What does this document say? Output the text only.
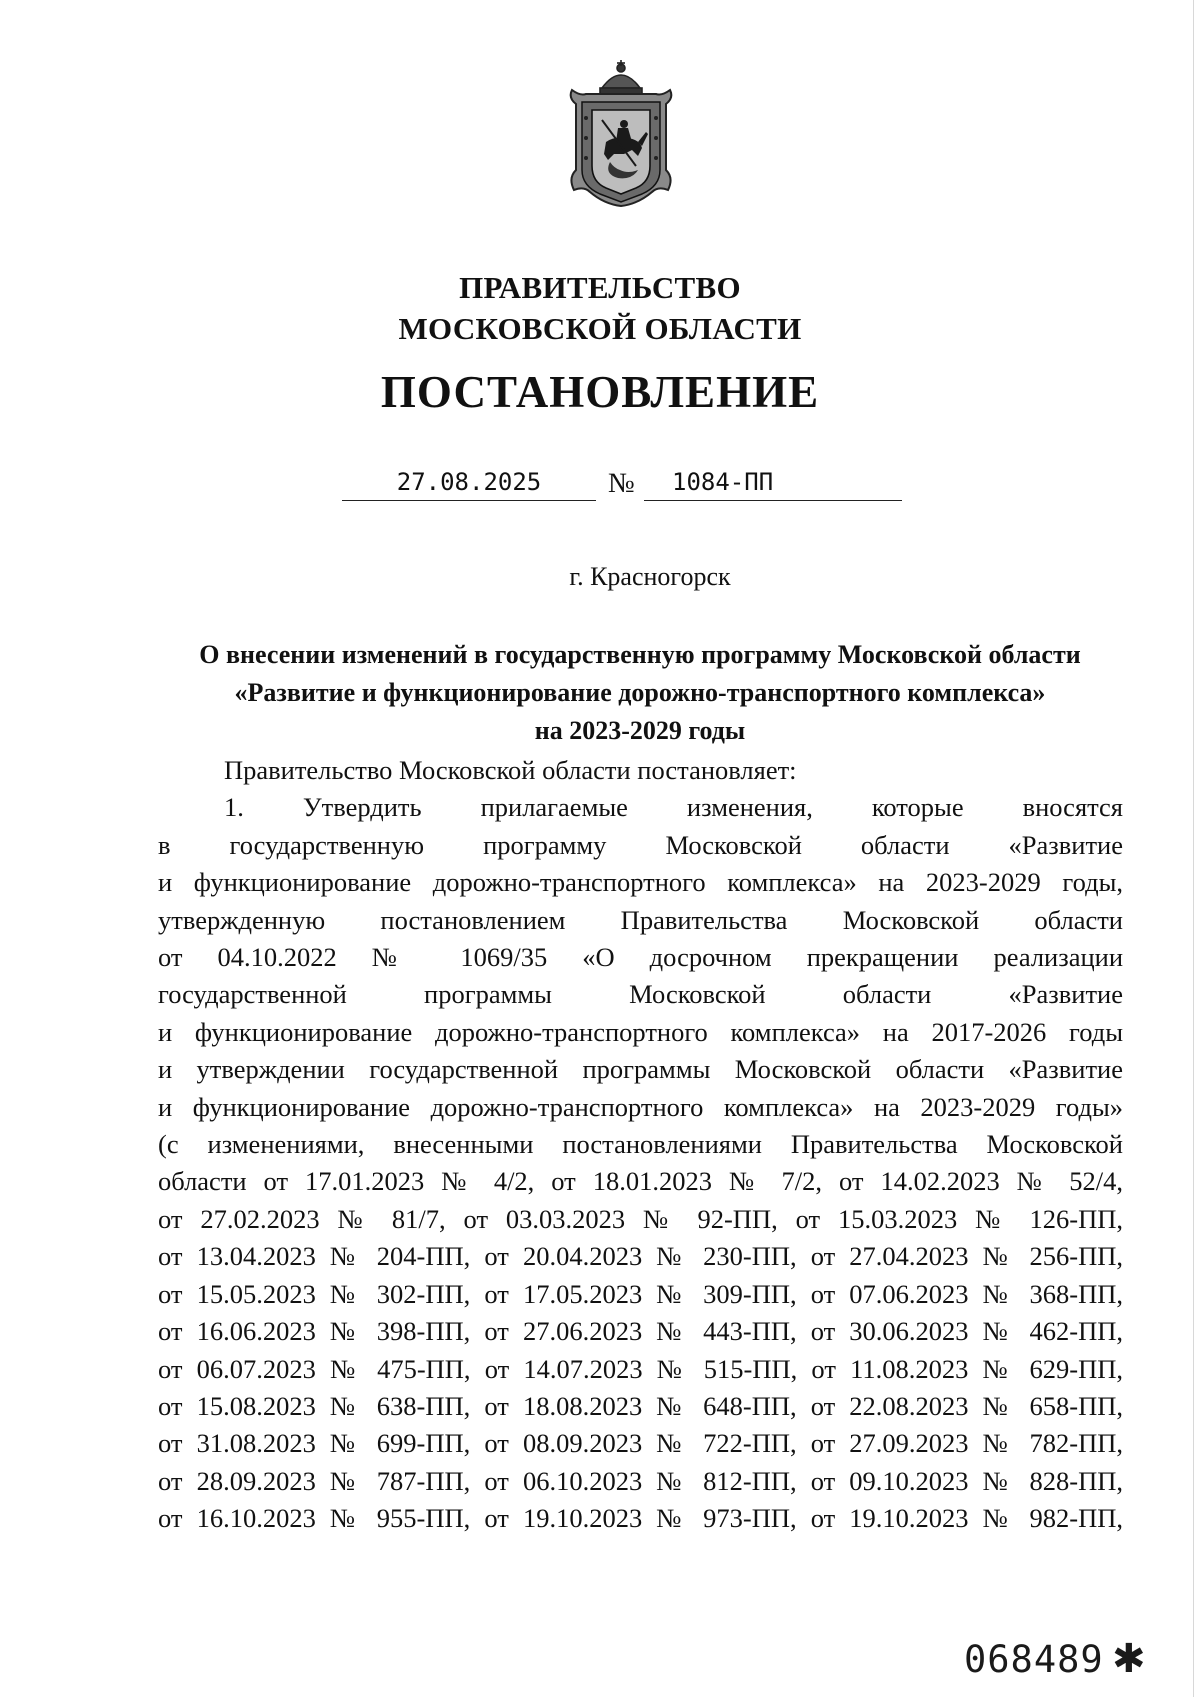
ПРАВИТЕЛЬСТВО
МОСКОВСКОЙ ОБЛАСТИ
ПОСТАНОВЛЕНИЕ
27.08.2025	№	1084-ПП
г. Красногорск
О внесении изменений в государственную программу Московской области
«Развитие и функционирование дорожно-транспортного комплекса»
на 2023-2029 годы
Правительство Московской области постановляет:
1. Утвердить прилагаемые изменения, которые вносятся
в государственную программу Московской области «Развитие
и функционирование дорожно-транспортного комплекса» на 2023-2029 годы,
утвержденную постановлением Правительства Московской области
от 04.10.2022 № 1069/35 «О досрочном прекращении реализации
государственной программы Московской области «Развитие
и функционирование дорожно-транспортного комплекса» на 2017-2026 годы
и утверждении государственной программы Московской области «Развитие
и функционирование дорожно-транспортного комплекса» на 2023-2029 годы»
(с изменениями, внесенными постановлениями Правительства Московской
области от 17.01.2023 № 4/2, от 18.01.2023 № 7/2, от 14.02.2023 № 52/4,
от 27.02.2023 № 81/7, от 03.03.2023 № 92-ПП, от 15.03.2023 № 126-ПП,
от 13.04.2023 № 204-ПП, от 20.04.2023 № 230-ПП, от 27.04.2023 № 256-ПП,
от 15.05.2023 № 302-ПП, от 17.05.2023 № 309-ПП, от 07.06.2023 № 368-ПП,
от 16.06.2023 № 398-ПП, от 27.06.2023 № 443-ПП, от 30.06.2023 № 462-ПП,
от 06.07.2023 № 475-ПП, от 14.07.2023 № 515-ПП, от 11.08.2023 № 629-ПП,
от 15.08.2023 № 638-ПП, от 18.08.2023 № 648-ПП, от 22.08.2023 № 658-ПП,
от 31.08.2023 № 699-ПП, от 08.09.2023 № 722-ПП, от 27.09.2023 № 782-ПП,
от 28.09.2023 № 787-ПП, от 06.10.2023 № 812-ПП, от 09.10.2023 № 828-ПП,
от 16.10.2023 № 955-ПП, от 19.10.2023 № 973-ПП, от 19.10.2023 № 982-ПП,
068489 ✱
